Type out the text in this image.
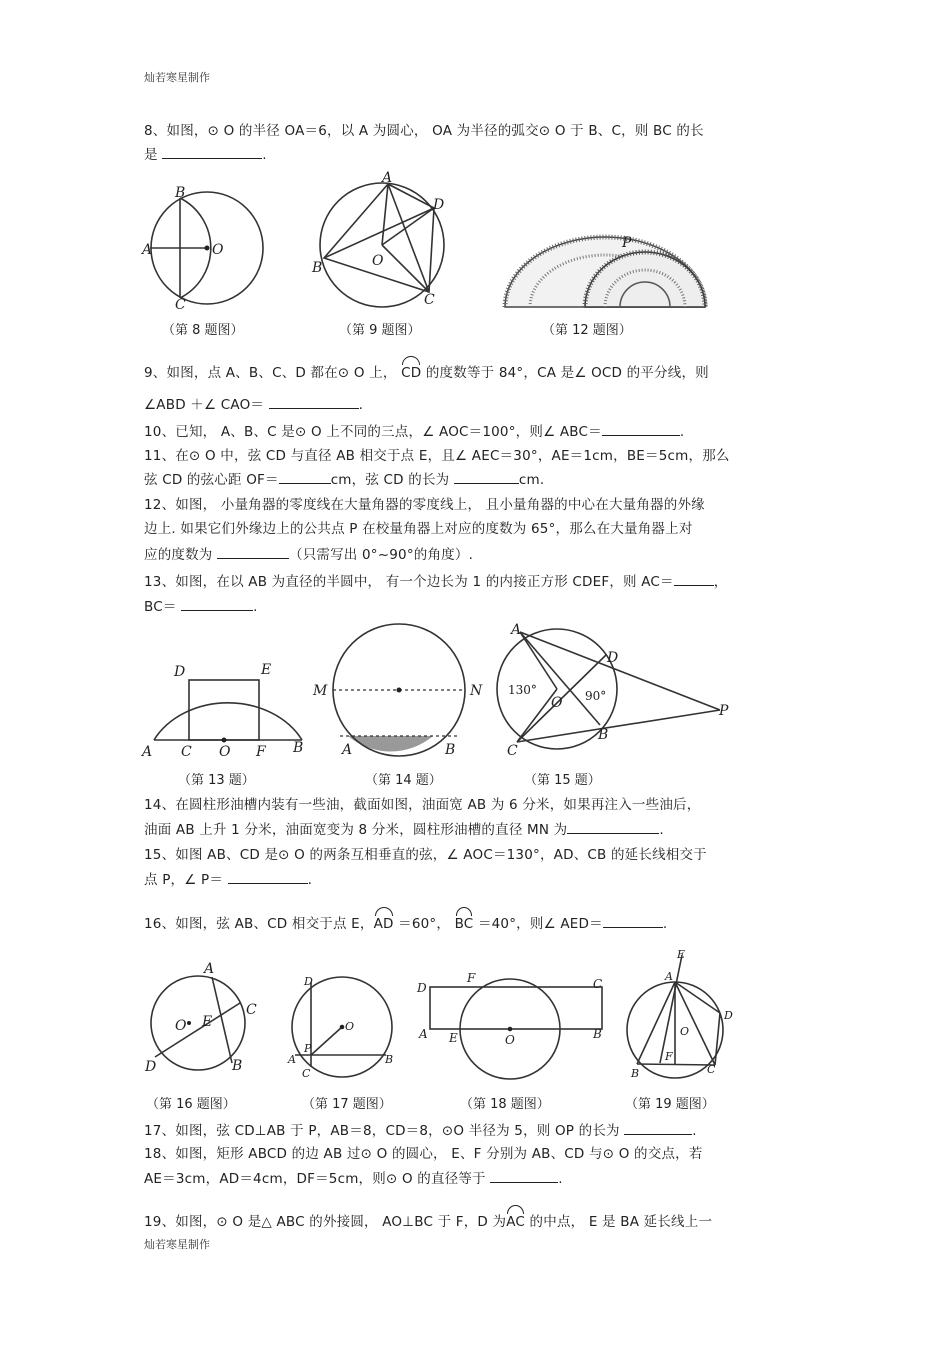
灿若寒星制作
8、如图，⊙ O 的半径 OA＝6，以 A 为圆心， OA 为半径的弧交⊙ O 于 B、C，则 BC 的长
是	.
B
A	O
C
A
D
B	O
C
P
（第 8 题图）	（第 9 题图）	（第 12 题图）
9、如图，点 A、B、C、D 都在⊙ O 上， CD 的度数等于 84°，CA 是∠ OCD 的平分线，则
∠ABD ＋∠ CAO＝	.
10、已知， A、B、C 是⊙ O 上不同的三点，∠ AOC＝100°，则∠ ABC＝	.
11、在⊙ O 中，弦 CD 与直径 AB 相交于点 E，且∠ AEC＝30°，AE＝1cm，BE＝5cm，那么
弦 CD 的弦心距 OF＝	cm，弦 CD 的长为	cm.
12、如图， 小量角器的零度线在大量角器的零度线上， 且小量角器的中心在大量角器的外缘
边上. 如果它们外缘边上的公共点 P 在校量角器上对应的度数为 65°，那么在大量角器上对
应的度数为	（只需写出 0°~90°的角度）.
13、如图，在以 AB 为直径的半圆中， 有一个边长为 1 的内接正方形 CDEF，则 AC＝	，
BC＝	.
D	E
A C O F B
M	N
A	B
A
D
130°
O 90°
P
C
B
（第 13 题）	（第 14 题）	（第 15 题）
14、在圆柱形油槽内装有一些油，截面如图，油面宽 AB 为 6 分米，如果再注入一些油后，
油面 AB 上升 1 分米，油面宽变为 8 分米，圆柱形油槽的直径 MN 为	.
15、如图 AB、CD 是⊙ O 的两条互相垂直的弦，∠ AOC＝130°，AD、CB 的延长线相交于
点 P，∠ P＝	.
16、如图，弦 AB、CD 相交于点 E，AD ＝60°， BC ＝40°，则∠ AED＝	.
A
C
O E
D	B
D
O
A
P
B
C
D
F	C
A E	O	B
E
A
O
D
F
B	C
（第 16 题图）	（第 17 题图）	（第 18 题图）	（第 19 题图）
17、如图，弦 CD⊥AB 于 P，AB＝8，CD＝8，⊙O 半径为 5，则 OP 的长为	.
18、如图，矩形 ABCD 的边 AB 过⊙ O 的圆心， E、F 分别为 AB、CD 与⊙ O 的交点，若
AE＝3cm，AD＝4cm，DF＝5cm，则⊙ O 的直径等于	.
19、如图，⊙ O 是△ ABC 的外接圆， AO⊥BC 于 F，D 为AC 的中点， E 是 BA 延长线上一
灿若寒星制作
